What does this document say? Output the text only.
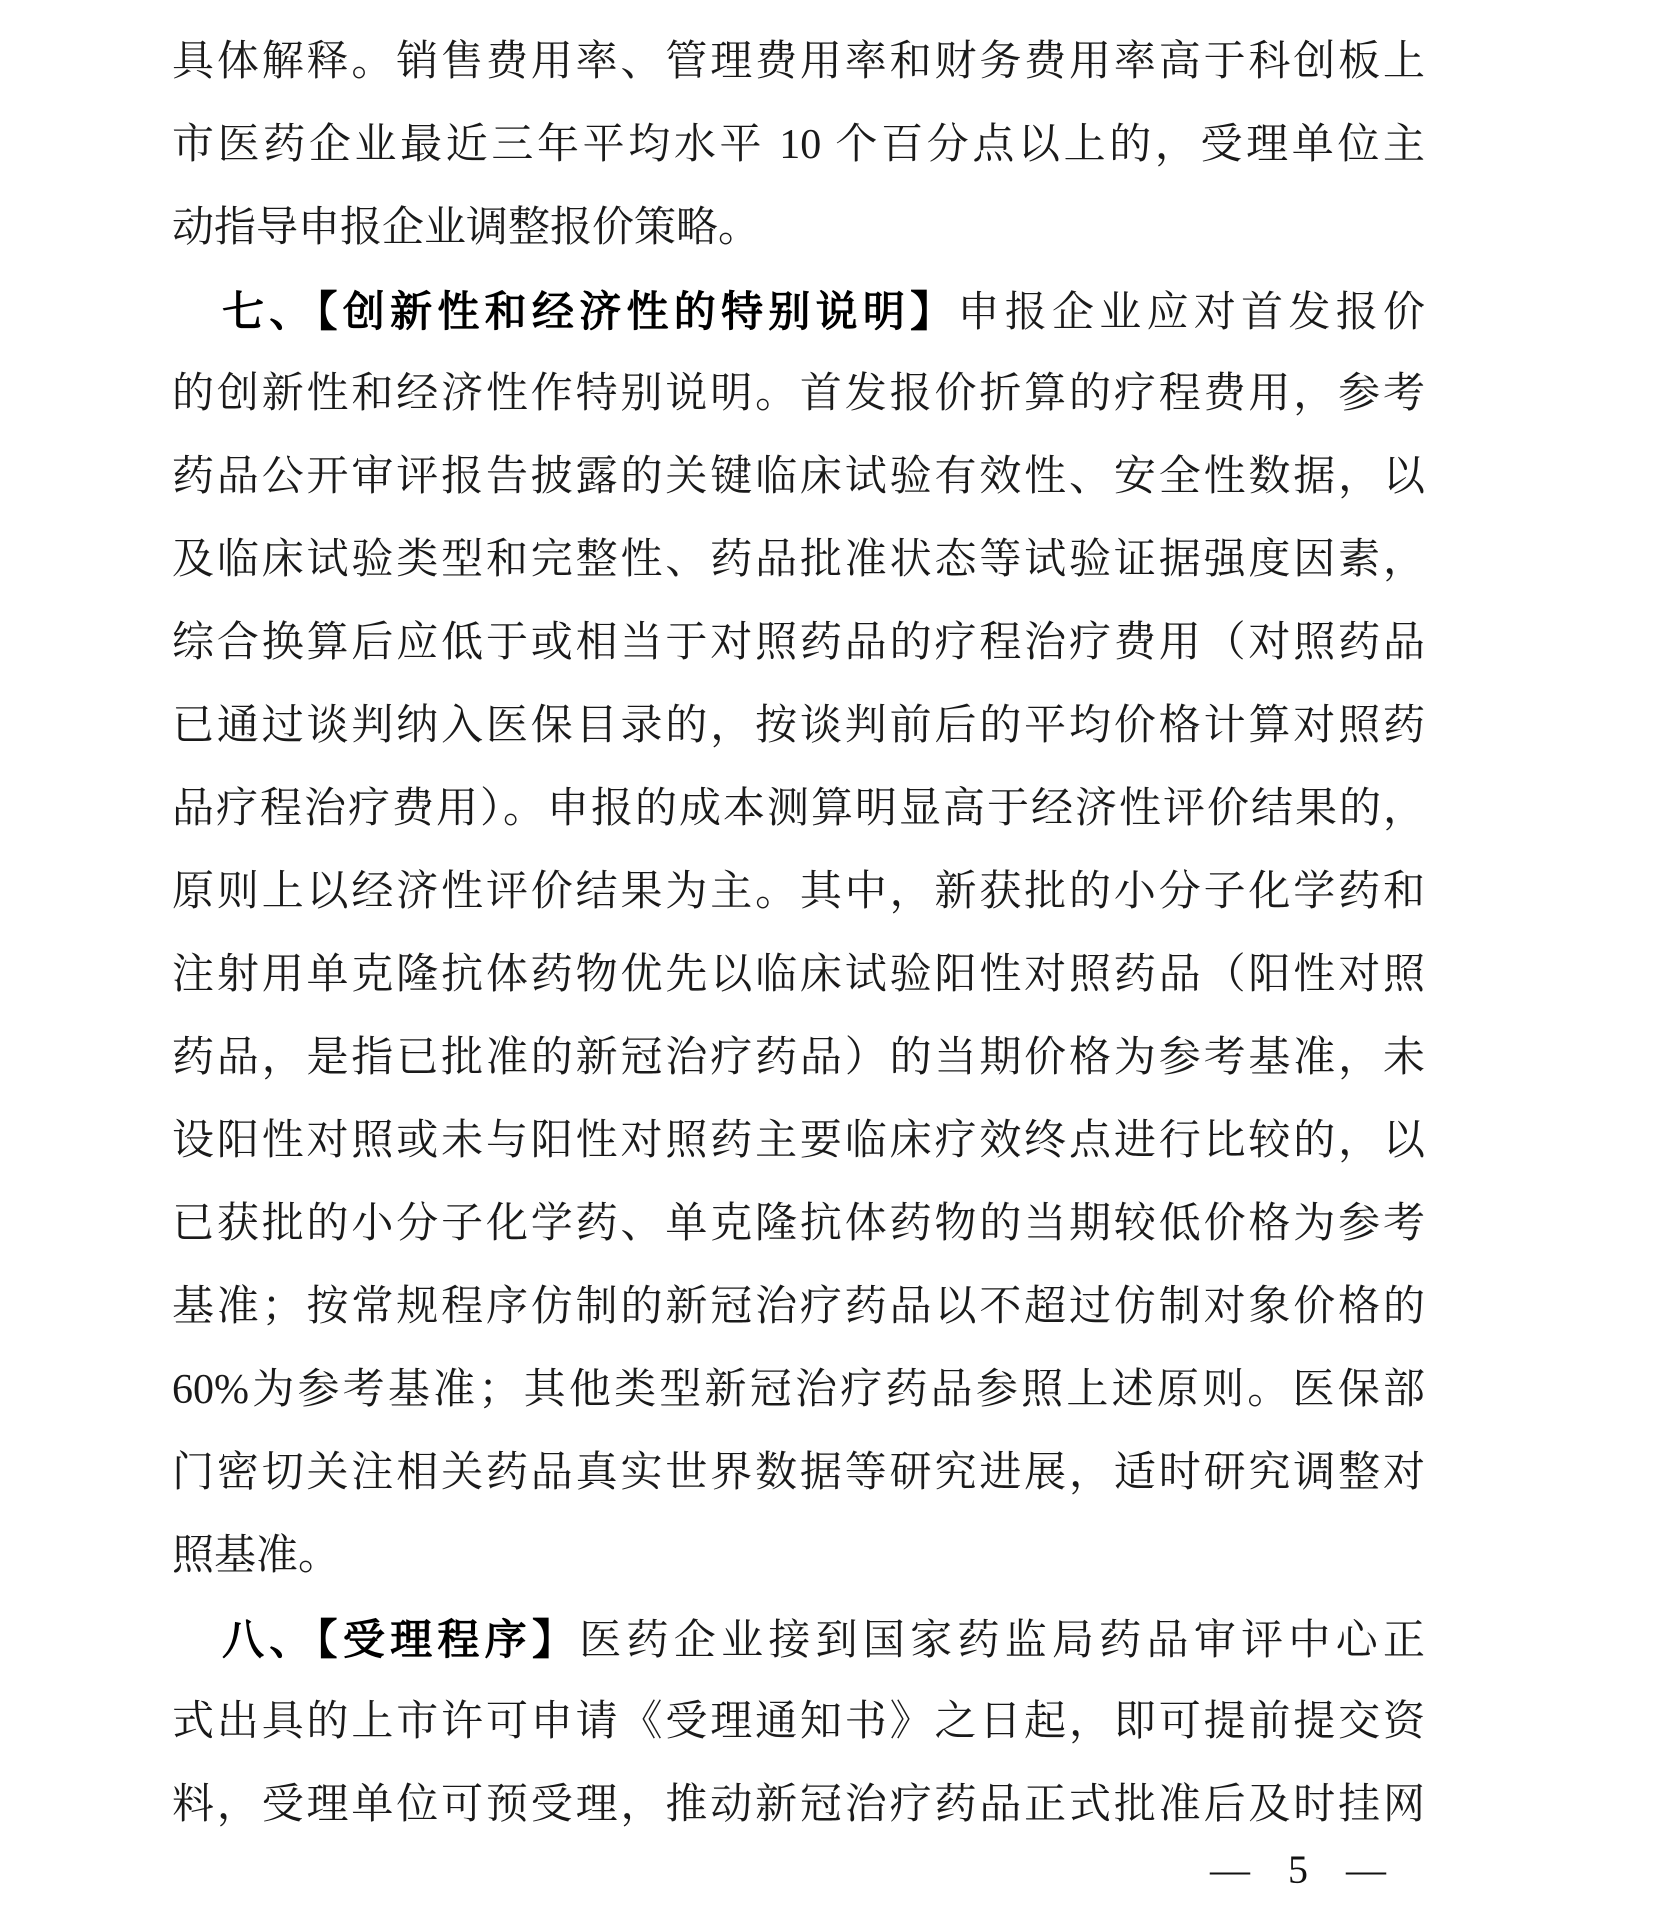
具体解释。销售费用率、管理费用率和财务费用率高于科创板上
市医药企业最近三年平均水平 10 个百分点以上的，受理单位主
动指导申报企业调整报价策略。
七、【创新性和经济性的特别说明】申报企业应对首发报价
的创新性和经济性作特别说明。首发报价折算的疗程费用，参考
药品公开审评报告披露的关键临床试验有效性、安全性数据，以
及临床试验类型和完整性、药品批准状态等试验证据强度因素，
综合换算后应低于或相当于对照药品的疗程治疗费用（对照药品
已通过谈判纳入医保目录的，按谈判前后的平均价格计算对照药
品疗程治疗费用）。申报的成本测算明显高于经济性评价结果的，
原则上以经济性评价结果为主。其中，新获批的小分子化学药和
注射用单克隆抗体药物优先以临床试验阳性对照药品（阳性对照
药品，是指已批准的新冠治疗药品）的当期价格为参考基准，未
设阳性对照或未与阳性对照药主要临床疗效终点进行比较的，以
已获批的小分子化学药、单克隆抗体药物的当期较低价格为参考
基准；按常规程序仿制的新冠治疗药品以不超过仿制对象价格的
60%为参考基准；其他类型新冠治疗药品参照上述原则。医保部
门密切关注相关药品真实世界数据等研究进展，适时研究调整对
照基准。
八、【受理程序】医药企业接到国家药监局药品审评中心正
式出具的上市许可申请《受理通知书》之日起，即可提前提交资
料，受理单位可预受理，推动新冠治疗药品正式批准后及时挂网
— 5 —
